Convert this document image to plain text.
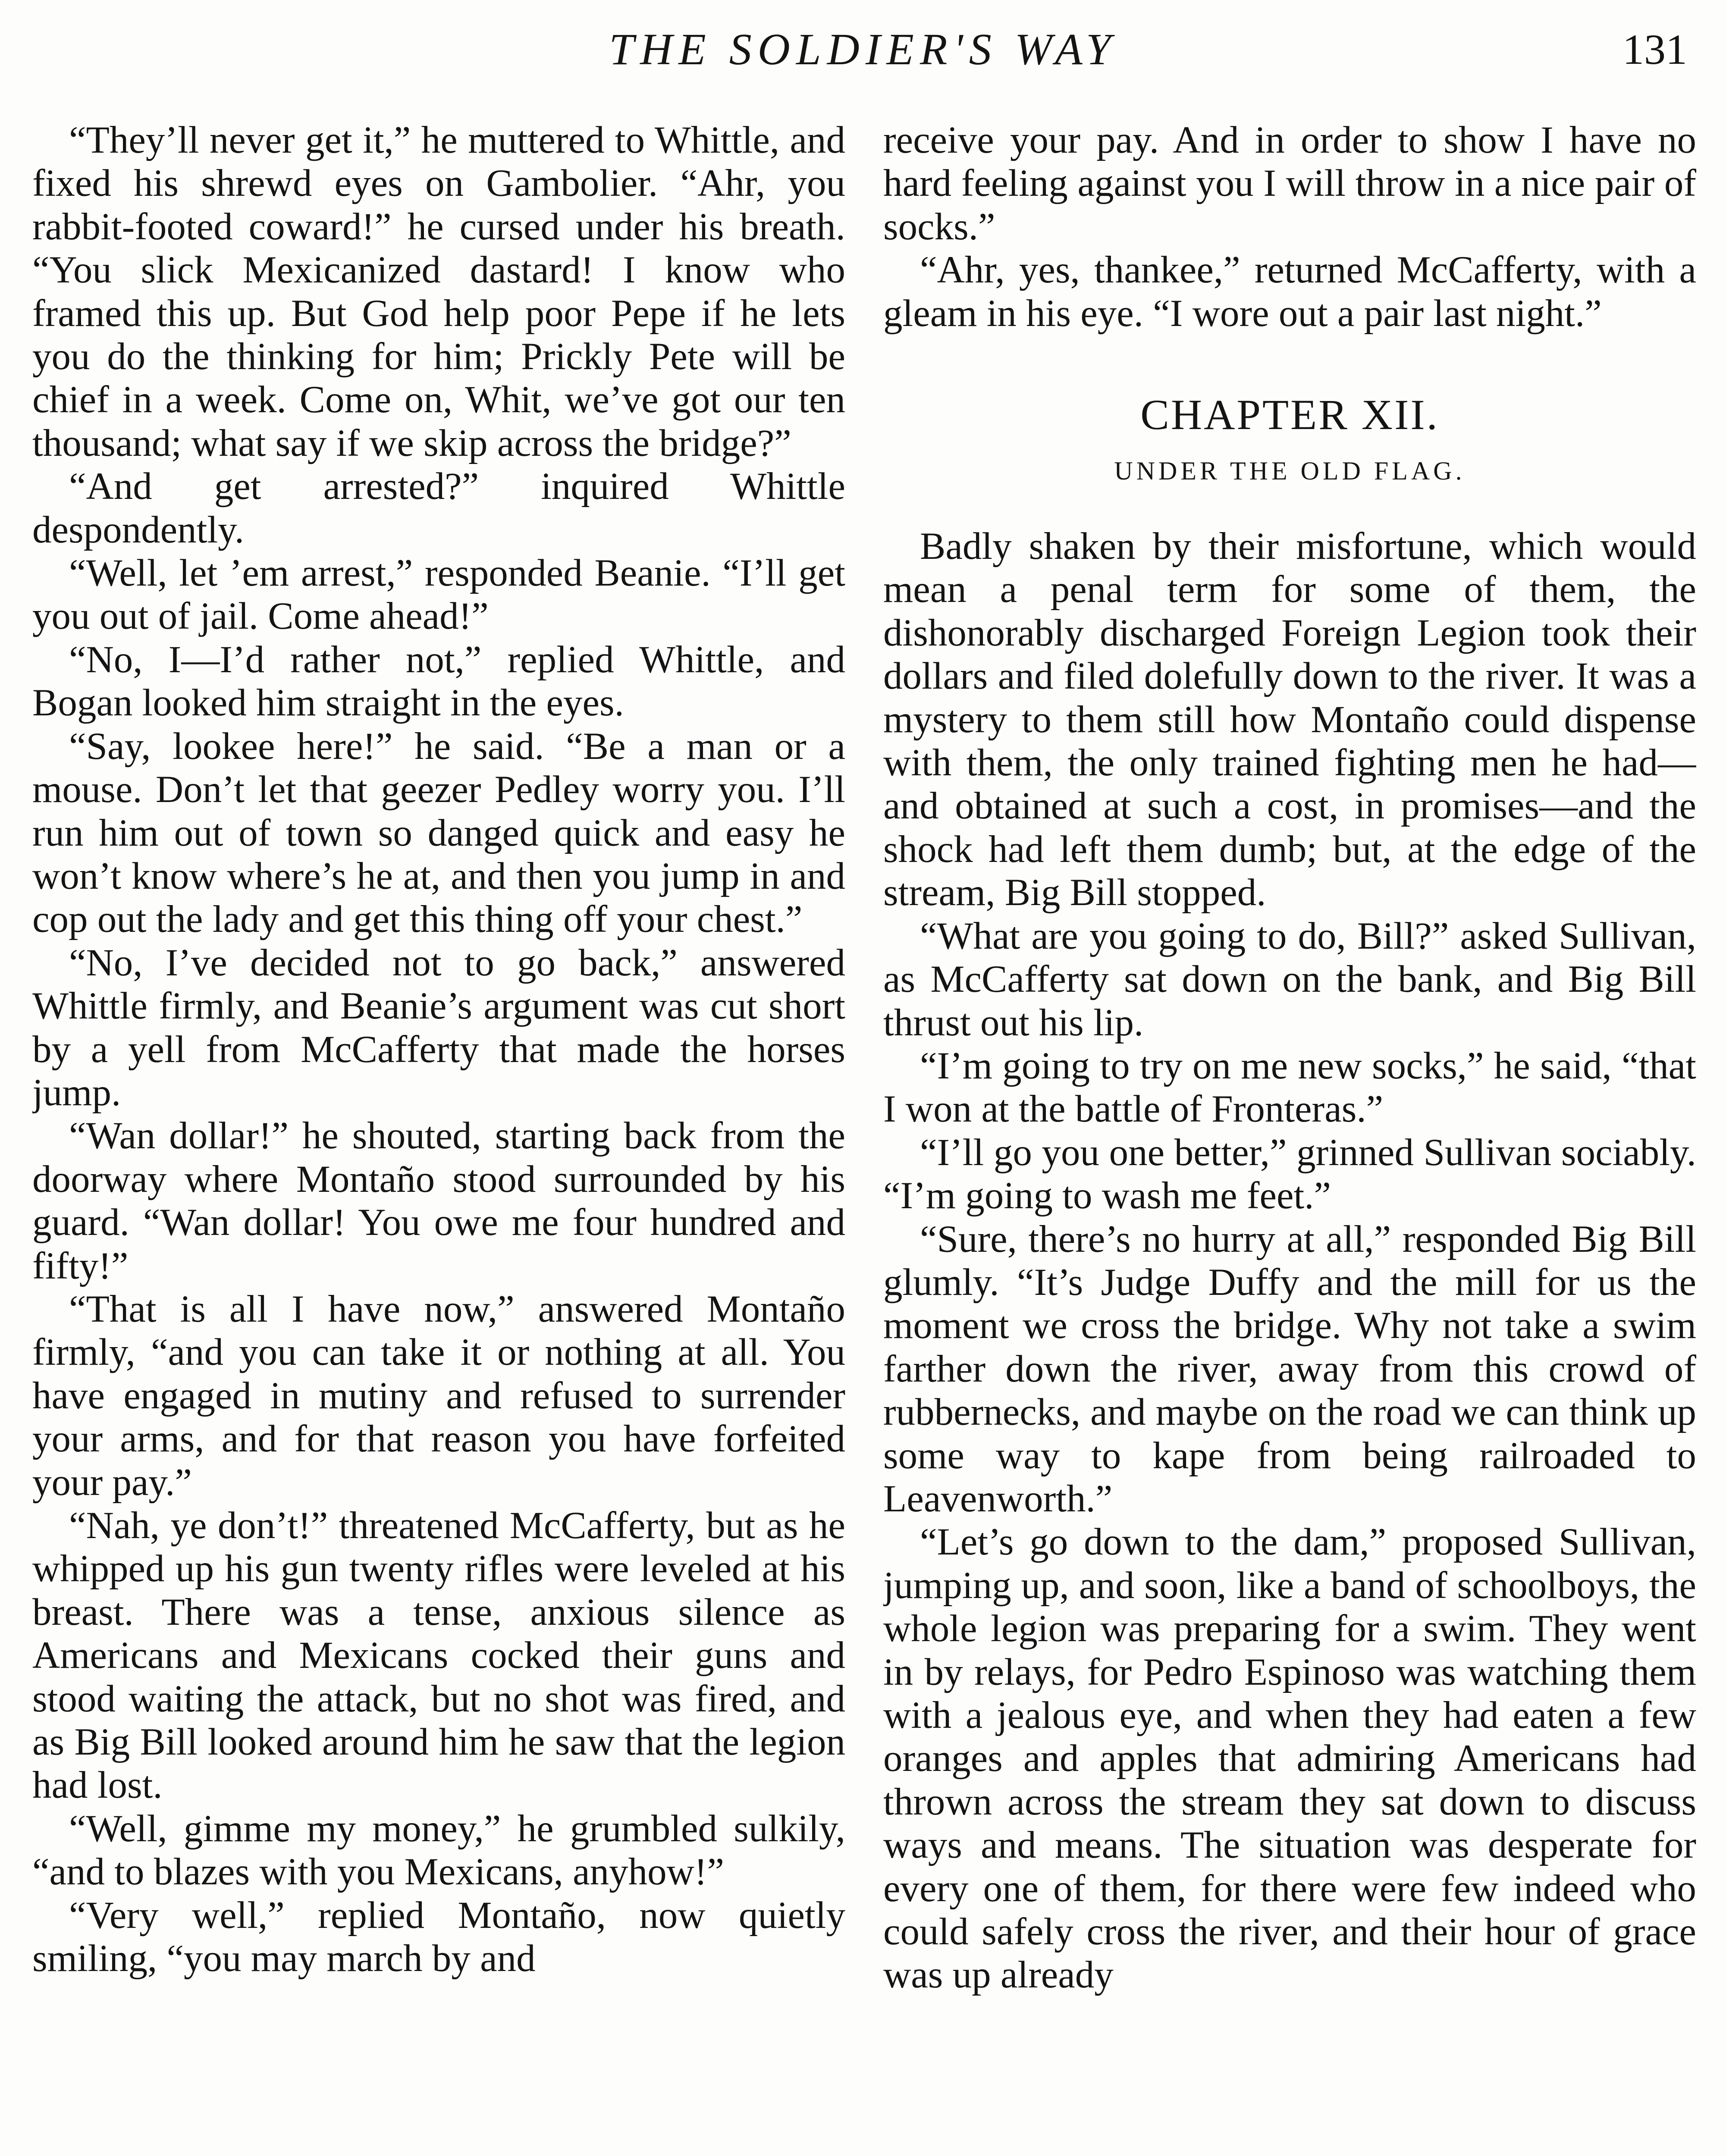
THE SOLDIER'S WAY	131

“They’ll never get it,” he muttered to Whittle, and fixed his shrewd eyes on Gambolier. “Ahr, you rabbit-footed coward!” he cursed under his breath. “You slick Mexicanized dastard! I know who framed this up. But God help poor Pepe if he lets you do the thinking for him; Prickly Pete will be chief in a week. Come on, Whit, we’ve got our ten thousand; what say if we skip across the bridge?”

“And get arrested?” inquired Whittle despondently.

“Well, let ’em arrest,” responded Beanie. “I’ll get you out of jail. Come ahead!”

“No, I—I’d rather not,” replied Whittle, and Bogan looked him straight in the eyes.

“Say, lookee here!” he said. “Be a man or a mouse. Don’t let that geezer Pedley worry you. I’ll run him out of town so danged quick and easy he won’t know where’s he at, and then you jump in and cop out the lady and get this thing off your chest.”

“No, I’ve decided not to go back,” answered Whittle firmly, and Beanie’s argument was cut short by a yell from McCafferty that made the horses jump.

“Wan dollar!” he shouted, starting back from the doorway where Montaño stood surrounded by his guard. “Wan dollar! You owe me four hundred and fifty!”

“That is all I have now,” answered Montaño firmly, “and you can take it or nothing at all. You have engaged in mutiny and refused to surrender your arms, and for that reason you have forfeited your pay.”

“Nah, ye don’t!” threatened McCafferty, but as he whipped up his gun twenty rifles were leveled at his breast. There was a tense, anxious silence as Americans and Mexicans cocked their guns and stood waiting the attack, but no shot was fired, and as Big Bill looked around him he saw that the legion had lost.

“Well, gimme my money,” he grumbled sulkily, “and to blazes with you Mexicans, anyhow!”

“Very well,” replied Montaño, now quietly smiling, “you may march by and

receive your pay. And in order to show I have no hard feeling against you I will throw in a nice pair of socks.”

“Ahr, yes, thankee,” returned McCafferty, with a gleam in his eye. “I wore out a pair last night.”

CHAPTER XII.

UNDER THE OLD FLAG.

Badly shaken by their misfortune, which would mean a penal term for some of them, the dishonorably discharged Foreign Legion took their dollars and filed dolefully down to the river. It was a mystery to them still how Montaño could dispense with them, the only trained fighting men he had—and obtained at such a cost, in promises—and the shock had left them dumb; but, at the edge of the stream, Big Bill stopped.

“What are you going to do, Bill?” asked Sullivan, as McCafferty sat down on the bank, and Big Bill thrust out his lip.

“I’m going to try on me new socks,” he said, “that I won at the battle of Fronteras.”

“I’ll go you one better,” grinned Sullivan sociably. “I’m going to wash me feet.”

“Sure, there’s no hurry at all,” responded Big Bill glumly. “It’s Judge Duffy and the mill for us the moment we cross the bridge. Why not take a swim farther down the river, away from this crowd of rubbernecks, and maybe on the road we can think up some way to kape from being railroaded to Leavenworth.”

“Let’s go down to the dam,” proposed Sullivan, jumping up, and soon, like a band of schoolboys, the whole legion was preparing for a swim. They went in by relays, for Pedro Espinoso was watching them with a jealous eye, and when they had eaten a few oranges and apples that admiring Americans had thrown across the stream they sat down to discuss ways and means. The situation was desperate for every one of them, for there were few indeed who could safely cross the river, and their hour of grace was up already
